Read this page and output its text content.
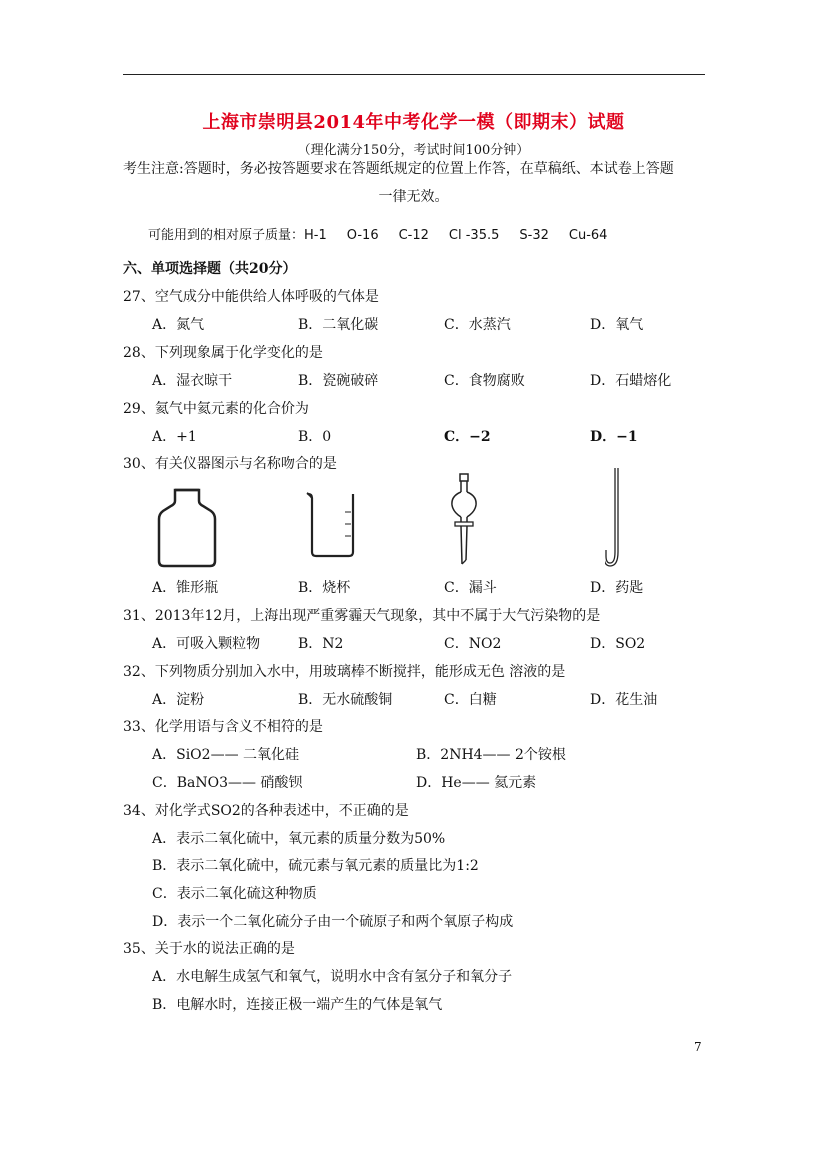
上海市崇明县2014年中考化学一模（即期末）试题
（理化满分150分，考试时间100分钟）
考生注意:答题时，务必按答题要求在答题纸规定的位置上作答，在草稿纸、本试卷上答题
一律无效。
可能用到的相对原子质量：H-1 O-16 C-12 Cl -35.5 S-32 Cu-64
六、单项选择题（共20分）
27、空气成分中能供给人体呼吸的气体是
A．氮气	B．二氧化碳	C．水蒸汽	D．氧气
28、下列现象属于化学变化的是
A．湿衣晾干	B．瓷碗破碎	C．食物腐败	D．石蜡熔化
29、氦气中氦元素的化合价为
A．+1	B．0	C．−2	D．−1
30、有关仪器图示与名称吻合的是
A．锥形瓶	B．烧杯	C．漏斗	D．药匙
31、2013年12月，上海出现严重雾霾天气现象，其中不属于大气污染物的是
A．可吸入颗粒物	B．N2	C．NO2	D．SO2
32、下列物质分别加入水中，用玻璃棒不断搅拌，能形成无色 溶液的是
A．淀粉	B．无水硫酸铜	C．白糖	D．花生油
33、化学用语与含义不相符的是
A．SiO2—— 二氧化硅	B．2NH4—— 2个铵根
C．BaNO3—— 硝酸钡	D．He—— 氦元素
34、对化学式SO2的各种表述中，不正确的是
A．表示二氧化硫中，氧元素的质量分数为50%
B．表示二氧化硫中，硫元素与氧元素的质量比为1:2
C．表示二氧化硫这种物质
D．表示一个二氧化硫分子由一个硫原子和两个氧原子构成
35、关于水的说法正确的是
A．水电解生成氢气和氧气，说明水中含有氢分子和氧分子
B．电解水时，连接正极一端产生的气体是氧气
7
